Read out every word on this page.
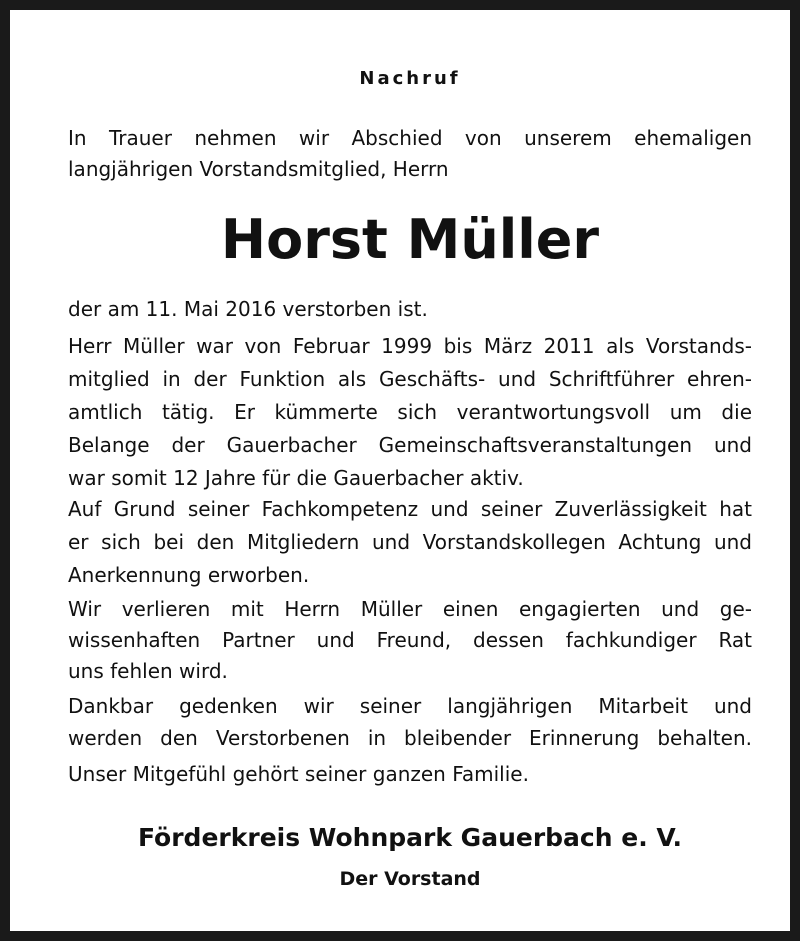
Nachruf
In Trauer nehmen wir Abschied von unserem ehemaligen
langjährigen Vorstandsmitglied, Herrn
Horst Müller
der am 11. Mai 2016 verstorben ist.
Herr Müller war von Februar 1999 bis März 2011 als Vorstands-
mitglied in der Funktion als Geschäfts- und Schriftführer ehren-
amtlich tätig. Er kümmerte sich verantwortungsvoll um die
Belange der Gauerbacher Gemeinschaftsveranstaltungen und
war somit 12 Jahre für die Gauerbacher aktiv.
Auf Grund seiner Fachkompetenz und seiner Zuverlässigkeit hat
er sich bei den Mitgliedern und Vorstandskollegen Achtung und
Anerkennung erworben.
Wir verlieren mit Herrn Müller einen engagierten und ge-
wissenhaften Partner und Freund, dessen fachkundiger Rat
uns fehlen wird.
Dankbar gedenken wir seiner langjährigen Mitarbeit und
werden den Verstorbenen in bleibender Erinnerung behalten.
Unser Mitgefühl gehört seiner ganzen Familie.
Förderkreis Wohnpark Gauerbach e. V.
Der Vorstand
